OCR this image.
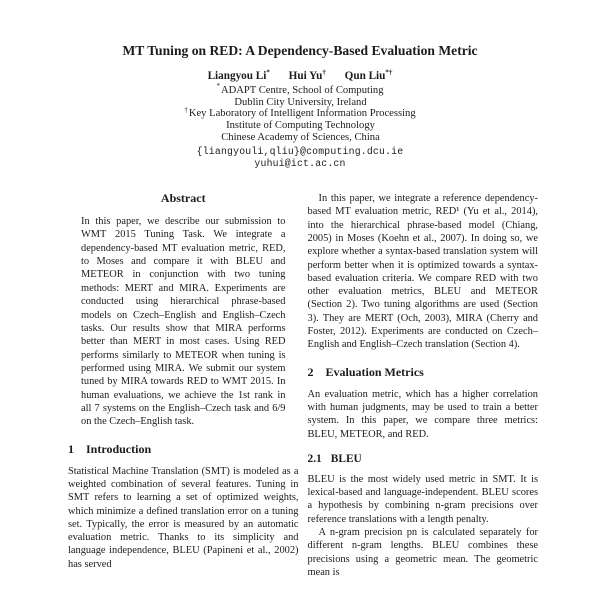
MT Tuning on RED: A Dependency-Based Evaluation Metric
Liangyou Li* Hui Yu† Qun Liu*†
*ADAPT Centre, School of Computing
Dublin City University, Ireland
†Key Laboratory of Intelligent Information Processing
Institute of Computing Technology
Chinese Academy of Sciences, China
{liangyouli,qliu}@computing.dcu.ie
yuhui@ict.ac.cn
Abstract

In this paper, we describe our submission to WMT 2015 Tuning Task. We integrate a dependency-based MT evaluation metric, RED, to Moses and compare it with BLEU and METEOR in conjunction with two tuning methods: MERT and MIRA. Experiments are conducted using hierarchical phrase-based models on Czech–English and English–Czech tasks. Our results show that MIRA performs better than MERT in most cases. Using RED performs similarly to METEOR when tuning is performed using MIRA. We submit our system tuned by MIRA towards RED to WMT 2015. In human evaluations, we achieve the 1st rank in all 7 systems on the English–Czech task and 6/9 on the Czech–English task.

1 Introduction

Statistical Machine Translation (SMT) is modeled as a weighted combination of several features. Tuning in SMT refers to learning a set of optimized weights, which minimize a defined translation error on a tuning set. Typically, the error is measured by an automatic evaluation metric. Thanks to its simplicity and language independence, BLEU (Papineni et al., 2002) has served

In this paper, we integrate a reference dependency-based MT evaluation metric, RED¹ (Yu et al., 2014), into the hierarchical phrase-based model (Chiang, 2005) in Moses (Koehn et al., 2007). In doing so, we explore whether a syntax-based translation system will perform better when it is optimized towards a syntax-based evaluation criteria. We compare RED with two other evaluation metrics, BLEU and METEOR (Section 2). Two tuning algorithms are used (Section 3). They are MERT (Och, 2003), MIRA (Cherry and Foster, 2012). Experiments are conducted on Czech–English and English–Czech translation (Section 4).

2 Evaluation Metrics

An evaluation metric, which has a higher correlation with human judgments, may be used to train a better system. In this paper, we compare three metrics: BLEU, METEOR, and RED.

2.1 BLEU

BLEU is the most widely used metric in SMT. It is lexical-based and language-independent. BLEU scores a hypothesis by combining n-gram precisions over reference translations with a length penalty.

A n-gram precision pn is calculated separately for different n-gram lengths. BLEU combines these precisions using a geometric mean. The geometric mean is
